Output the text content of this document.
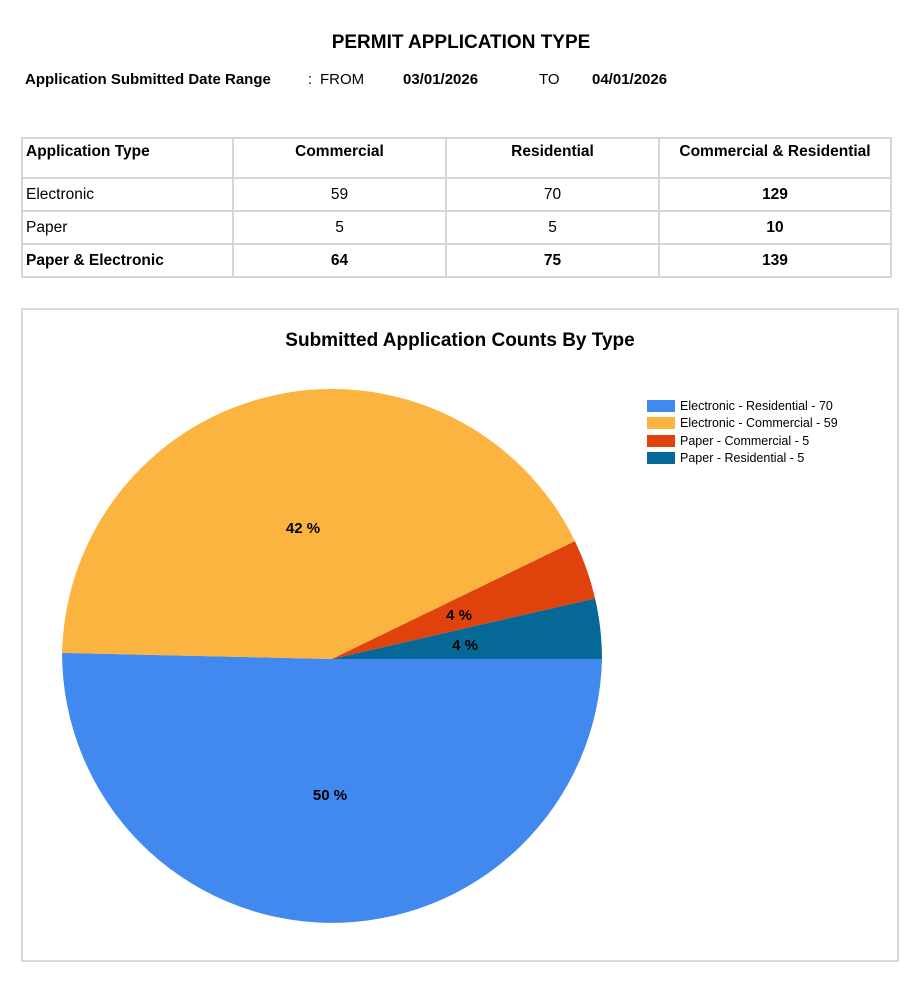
PERMIT APPLICATION TYPE
Application Submitted Date Range : FROM	03/01/2026	TO 04/01/2026
Application Type	Commercial	Residential	Commercial & Residential
Electronic	59	70	129
Paper	5	5	10
Paper & Electronic	64	75	139
Submitted Application Counts By Type
50 %
42 %
4 %
4 %
Electronic - Residential - 70
Electronic - Commercial - 59
Paper - Commercial - 5
Paper - Residential - 5
